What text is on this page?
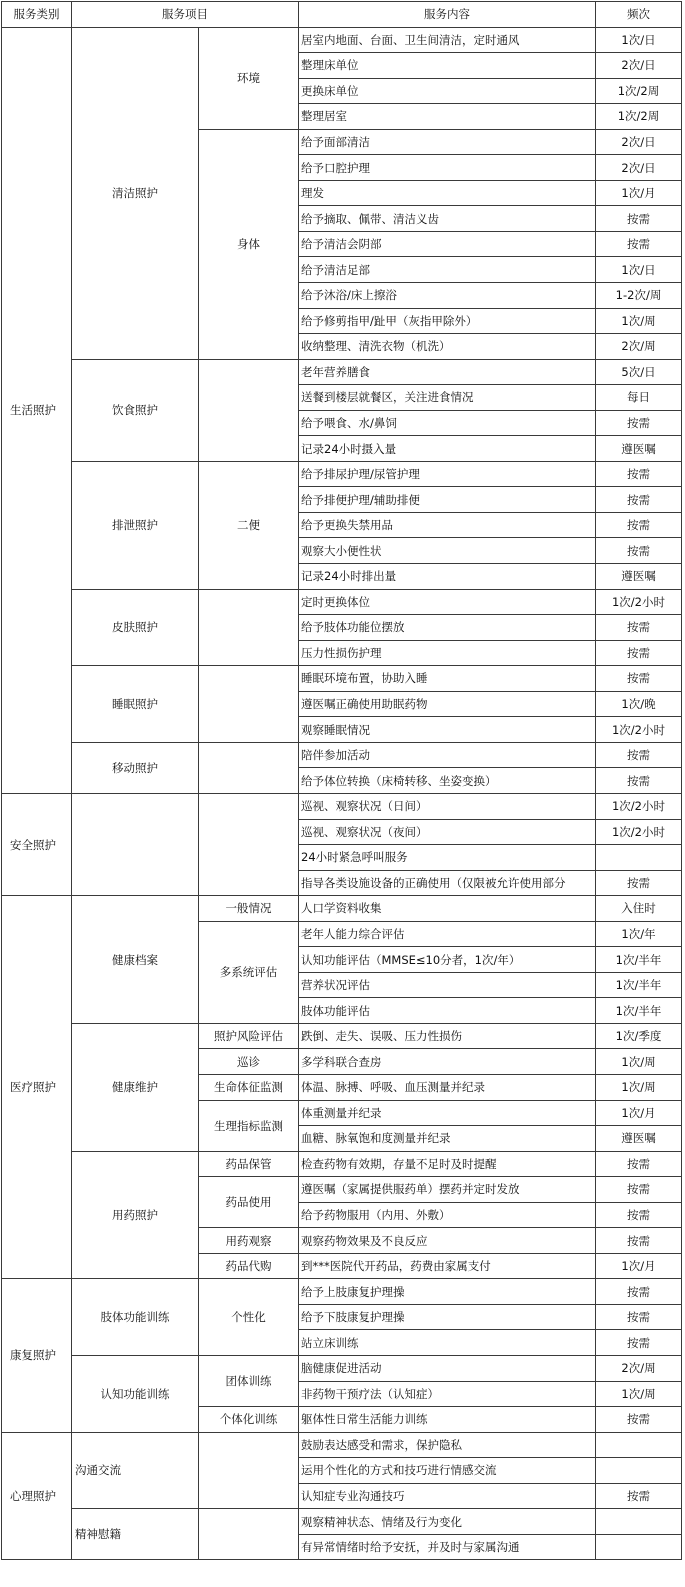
服务类别	服务项目		服务内容	频次
生活照护	清洁照护	环境	居室内地面、台面、卫生间清洁，定时通风	1次/日
			整理床单位	2次/日
			更换床单位	1次/2周
			整理居室	1次/2周
		身体	给予面部清洁	2次/日
			给予口腔护理	2次/日
			理发	1次/月
			给予摘取、佩带、清洁义齿	按需
			给予清洁会阴部	按需
			给予清洁足部	1次/日
			给予沐浴/床上擦浴	1-2次/周
			给予修剪指甲/趾甲（灰指甲除外）	1次/周
			收纳整理、清洗衣物（机洗）	2次/周
	饮食照护		老年营养膳食	5次/日
			送餐到楼层就餐区，关注进食情况	每日
			给予喂食、水/鼻饲	按需
			记录24小时摄入量	遵医嘱
	排泄照护	二便	给予排尿护理/尿管护理	按需
			给予排便护理/辅助排便	按需
			给予更换失禁用品	按需
			观察大小便性状	按需
			记录24小时排出量	遵医嘱
	皮肤照护		定时更换体位	1次/2小时
			给予肢体功能位摆放	按需
			压力性损伤护理	按需
	睡眠照护		睡眠环境布置，协助入睡	按需
			遵医嘱正确使用助眠药物	1次/晚
			观察睡眠情况	1次/2小时
	移动照护		陪伴参加活动	按需
			给予体位转换（床椅转移、坐姿变换）	按需
安全照护			巡视、观察状况（日间）	1次/2小时
			巡视、观察状况（夜间）	1次/2小时
			24小时紧急呼叫服务	
			指导各类设施设备的正确使用（仅限被允许使用部分	按需
医疗照护	健康档案	一般情况	人口学资料收集	入住时
		多系统评估	老年人能力综合评估	1次/年
			认知功能评估（MMSE≤10分者，1次/年）	1次/半年
			营养状况评估	1次/半年
			肢体功能评估	1次/半年
	健康维护	照护风险评估	跌倒、走失、误吸、压力性损伤	1次/季度
		巡诊	多学科联合查房	1次/周
		生命体征监测	体温、脉搏、呼吸、血压测量并纪录	1次/周
		生理指标监测	体重测量并纪录	1次/月
			血糖、脉氧饱和度测量并纪录	遵医嘱
	用药照护	药品保管	检查药物有效期，存量不足时及时提醒	按需
		药品使用	遵医嘱（家属提供服药单）摆药并定时发放	按需
			给予药物服用（内用、外敷）	按需
		用药观察	观察药物效果及不良反应	按需
		药品代购	到***医院代开药品，药费由家属支付	1次/月
康复照护	肢体功能训练	个性化	给予上肢康复护理操	按需
			给予下肢康复护理操	按需
			站立床训练	按需
	认知功能训练	团体训练	脑健康促进活动	2次/周
			非药物干预疗法（认知症）	1次/周
		个体化训练	躯体性日常生活能力训练	按需
心理照护	沟通交流		鼓励表达感受和需求，保护隐私	
			运用个性化的方式和技巧进行情感交流	
			认知症专业沟通技巧	按需
	精神慰籍		观察精神状态、情绪及行为变化	
			有异常情绪时给予安抚，并及时与家属沟通	
